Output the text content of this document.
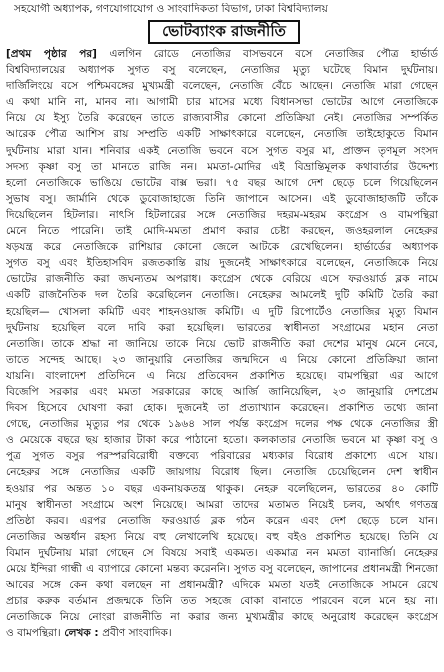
সহযোগী অধ্যাপক, গণযোগাযোগ ও সাংবাদিকতা বিভাগ, ঢাকা বিশ্ববিদ্যালয়
ভোটব্যাংক রাজনীতি
[প্রথম পৃষ্ঠার পর] এলগিন রোডে নেতাজির বাসভবনে বসে নেতাজির পৌত্র হার্ভার্ড
বিশ্ববিদ্যালয়ের অধ্যাপক সুগত বসু বলেছেন, নেতাজির মৃত্যু ঘটেছে বিমান দুর্ঘটনায়।
দার্জিলিংয়ে বসে পশ্চিমবঙ্গের মুখ্যমন্ত্রী বলেছেন, নেতাজি বেঁচে আছেন। নেতাজি মারা গেছেন
এ কথা মানি না, মানব না। আগামী চার মাসের মধ্যে বিধানসভা ভোটের আগে নেতাজিকে
নিয়ে যে ইস্যু তৈরি করেছেন তাতে রাজ্যবাসীর কোনো প্রতিক্রিয়া নেই। নেতাজির সম্পর্কিত
আরেক পৌত্র আশিস রায় সম্প্রতি একটি সাক্ষাৎকারে বলেছেন, নেতাজি তাইহোকুতে বিমান
দুর্ঘটনায় মারা যান। শনিবার একই নেতাজি ভবনে বসে সুগত বসুর মা, প্রাক্তন তৃণমূল সংসদ
সদস্য কৃষ্ণা বসু তা মানতে রাজি নন। মমতা-মোদির এই বিভ্রান্তিমূলক কথাবার্তার উদ্দেশ্য
হলো নেতাজিকে ভাঙিয়ে ভোটের বাক্স ভরা। ৭৫ বছর আগে দেশ ছেড়ে চলে গিয়েছিলেন
সুভাষ বসু। জার্মানি থেকে ডুবোজাহাজে তিনি জাপানে আসেন। এই ডুবোজাহাজটি তাঁকে
দিয়েছিলেন হিটলার। নাৎসি হিটলারের সঙ্গে নেতাজির দহরম-মহরম কংগ্রেস ও বামপন্থিরা
মেনে নিতে পারেনি। তাই মোদি-মমতা প্রমাণ করার চেষ্টা করছেন, জওহরলাল নেহেরুর
ষড়যন্ত্র করে নেতাজিকে রাশিয়ার কোনো জেলে আটকে রেখেছিলেন। হার্ভার্ডের অধ্যাপক
সুগত বসু এবং ইতিহাসবিদ রজতকান্তি রায় দুজনেই সাক্ষাৎকারে বলেছেন, নেতাজিকে নিয়ে
ভোটের রাজনীতি করা জঘন্যতম অপরাধ। কংগ্রেস থেকে বেরিয়ে এসে ফরওয়ার্ড ব্লক নামে
একটি রাজনৈতিক দল তৈরি করেছিলেন নেতাজি। নেহেরুর আমলেই দুটি কমিটি তৈরি করা
হয়েছিল— খোসলা কমিটি এবং শাহনওয়াজ কমিটি। এ দুটি রিপোর্টেও নেতাজির মৃত্যু বিমান
দুর্ঘটনায় হয়েছিল বলে দাবি করা হয়েছিল। ভারতের স্বাধীনতা সংগ্রামের মহান নেতা
নেতাজি। তাকে শ্রদ্ধা না জানিয়ে তাকে নিয়ে ভোট রাজনীতি করা দেশের মানুষ মেনে নেবে,
তাতে সন্দেহ আছে। ২৩ জানুয়ারি নেতাজির জন্মদিনে এ নিয়ে কোনো প্রতিক্রিয়া জানা
যায়নি। বাংলাদেশ প্রতিদিনে এ নিয়ে প্রতিবেদন প্রকাশিত হয়েছে। বামপন্থিরা এর আগে
বিজেপি সরকার এবং মমতা সরকারের কাছে আর্জি জানিয়েছিল, ২৩ জানুয়ারি দেশপ্রেম
দিবস হিসেবে ঘোষণা করা হোক। দুজনেই তা প্রত্যাখ্যান করেছেন। প্রকাশিত তথ্যে জানা
গেছে, নেতাজির মৃত্যুর পর থেকে ১৯৬৪ সাল পর্যন্ত কংগ্রেস দলের পক্ষ থেকে নেতাজির স্ত্রী
ও মেয়েকে বছরে ছয় হাজার টাকা করে পাঠানো হতো। কলকাতার নেতাজি ভবনে মা কৃষ্ণা বসু ও
পুত্র সুগত বসুর পরস্পরবিরোধী বক্তব্যে পরিবারের মধ্যকার বিরোধ প্রকাশ্যে এসে যায়।
নেহেরুর সঙ্গে নেতাজির একটি জায়গায় বিরোধ ছিল। নেতাজি চেয়েছিলেন দেশ স্বাধীন
হওয়ার পর অন্তত ১০ বছর একনায়কতন্ত্র থাকুক। নেহরু বলেছিলেন, ভারতের ৪০ কোটি
মানুষ স্বাধীনতা সংগ্রামে অংশ নিয়েছে। আমরা তাদের মতামত নিয়েই চলব, অর্থাৎ গণতন্ত্র
প্রতিষ্ঠা করব। এরপর নেতাজি ফরওয়ার্ড ব্লক গঠন করেন এবং দেশ ছেড়ে চলে যান।
নেতাজির অন্তর্ধান রহস্য নিয়ে বহু লেখালেখি হয়েছে। বহু বইও প্রকাশিত হয়েছে। তিনি যে
বিমান দুর্ঘটনায় মারা গেছেন সে বিষয়ে সবাই একমত। একমাত্র নন মমতা ব্যানার্জি। নেহেরুর
মেয়ে ইন্দিরা গান্ধী এ ব্যাপারে কোনো মন্তব্য করেননি। সুগত বসু বলেছেন, জাপানের প্রধানমন্ত্রী শিনজো
আবের সঙ্গে কেন কথা বলছেন না প্রধানমন্ত্রী? এদিকে মমতা যতই নেতাজিকে সামনে রেখে
প্রচার করুক বর্তমান প্রজন্মকে তিনি তত সহজে বোকা বানাতে পারবেন বলে মনে হয় না।
নেতাজিকে নিয়ে নোংরা রাজনীতি না করার জন্য মুখ্যমন্ত্রীর কাছে অনুরোধ করেছেন কংগ্রেস
ও বামপন্থিরা। লেখক : প্রবীণ সাংবাদিক।
